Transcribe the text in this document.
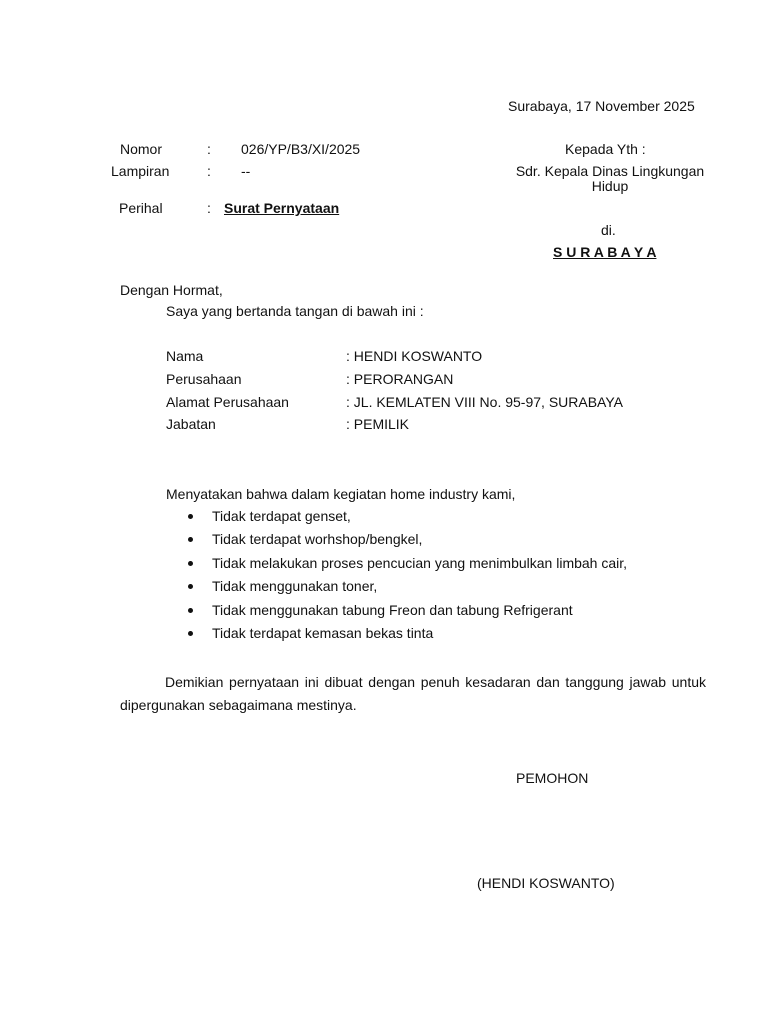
Surabaya, 17 November 2025
Nomor	: 026/YP/B3/XI/2025
Lampiran	: --
Perihal	: Surat Pernyataan
Kepada Yth :
Sdr. Kepala Dinas Lingkungan
Hidup
di.
S U R A B A Y A
Dengan Hormat,
Saya yang bertanda tangan di bawah ini :
Nama	: HENDI KOSWANTO
Perusahaan	: PERORANGAN
Alamat Perusahaan	: JL. KEMLATEN VIII No. 95-97, SURABAYA
Jabatan	: PEMILIK
Menyatakan bahwa dalam kegiatan home industry kami,
Tidak terdapat genset,
Tidak terdapat worhshop/bengkel,
Tidak melakukan proses pencucian yang menimbulkan limbah cair,
Tidak menggunakan toner,
Tidak menggunakan tabung Freon dan tabung Refrigerant
Tidak terdapat kemasan bekas tinta
Demikian pernyataan ini dibuat dengan penuh kesadaran dan tanggung jawab untuk dipergunakan sebagaimana mestinya.
PEMOHON
(HENDI KOSWANTO)
